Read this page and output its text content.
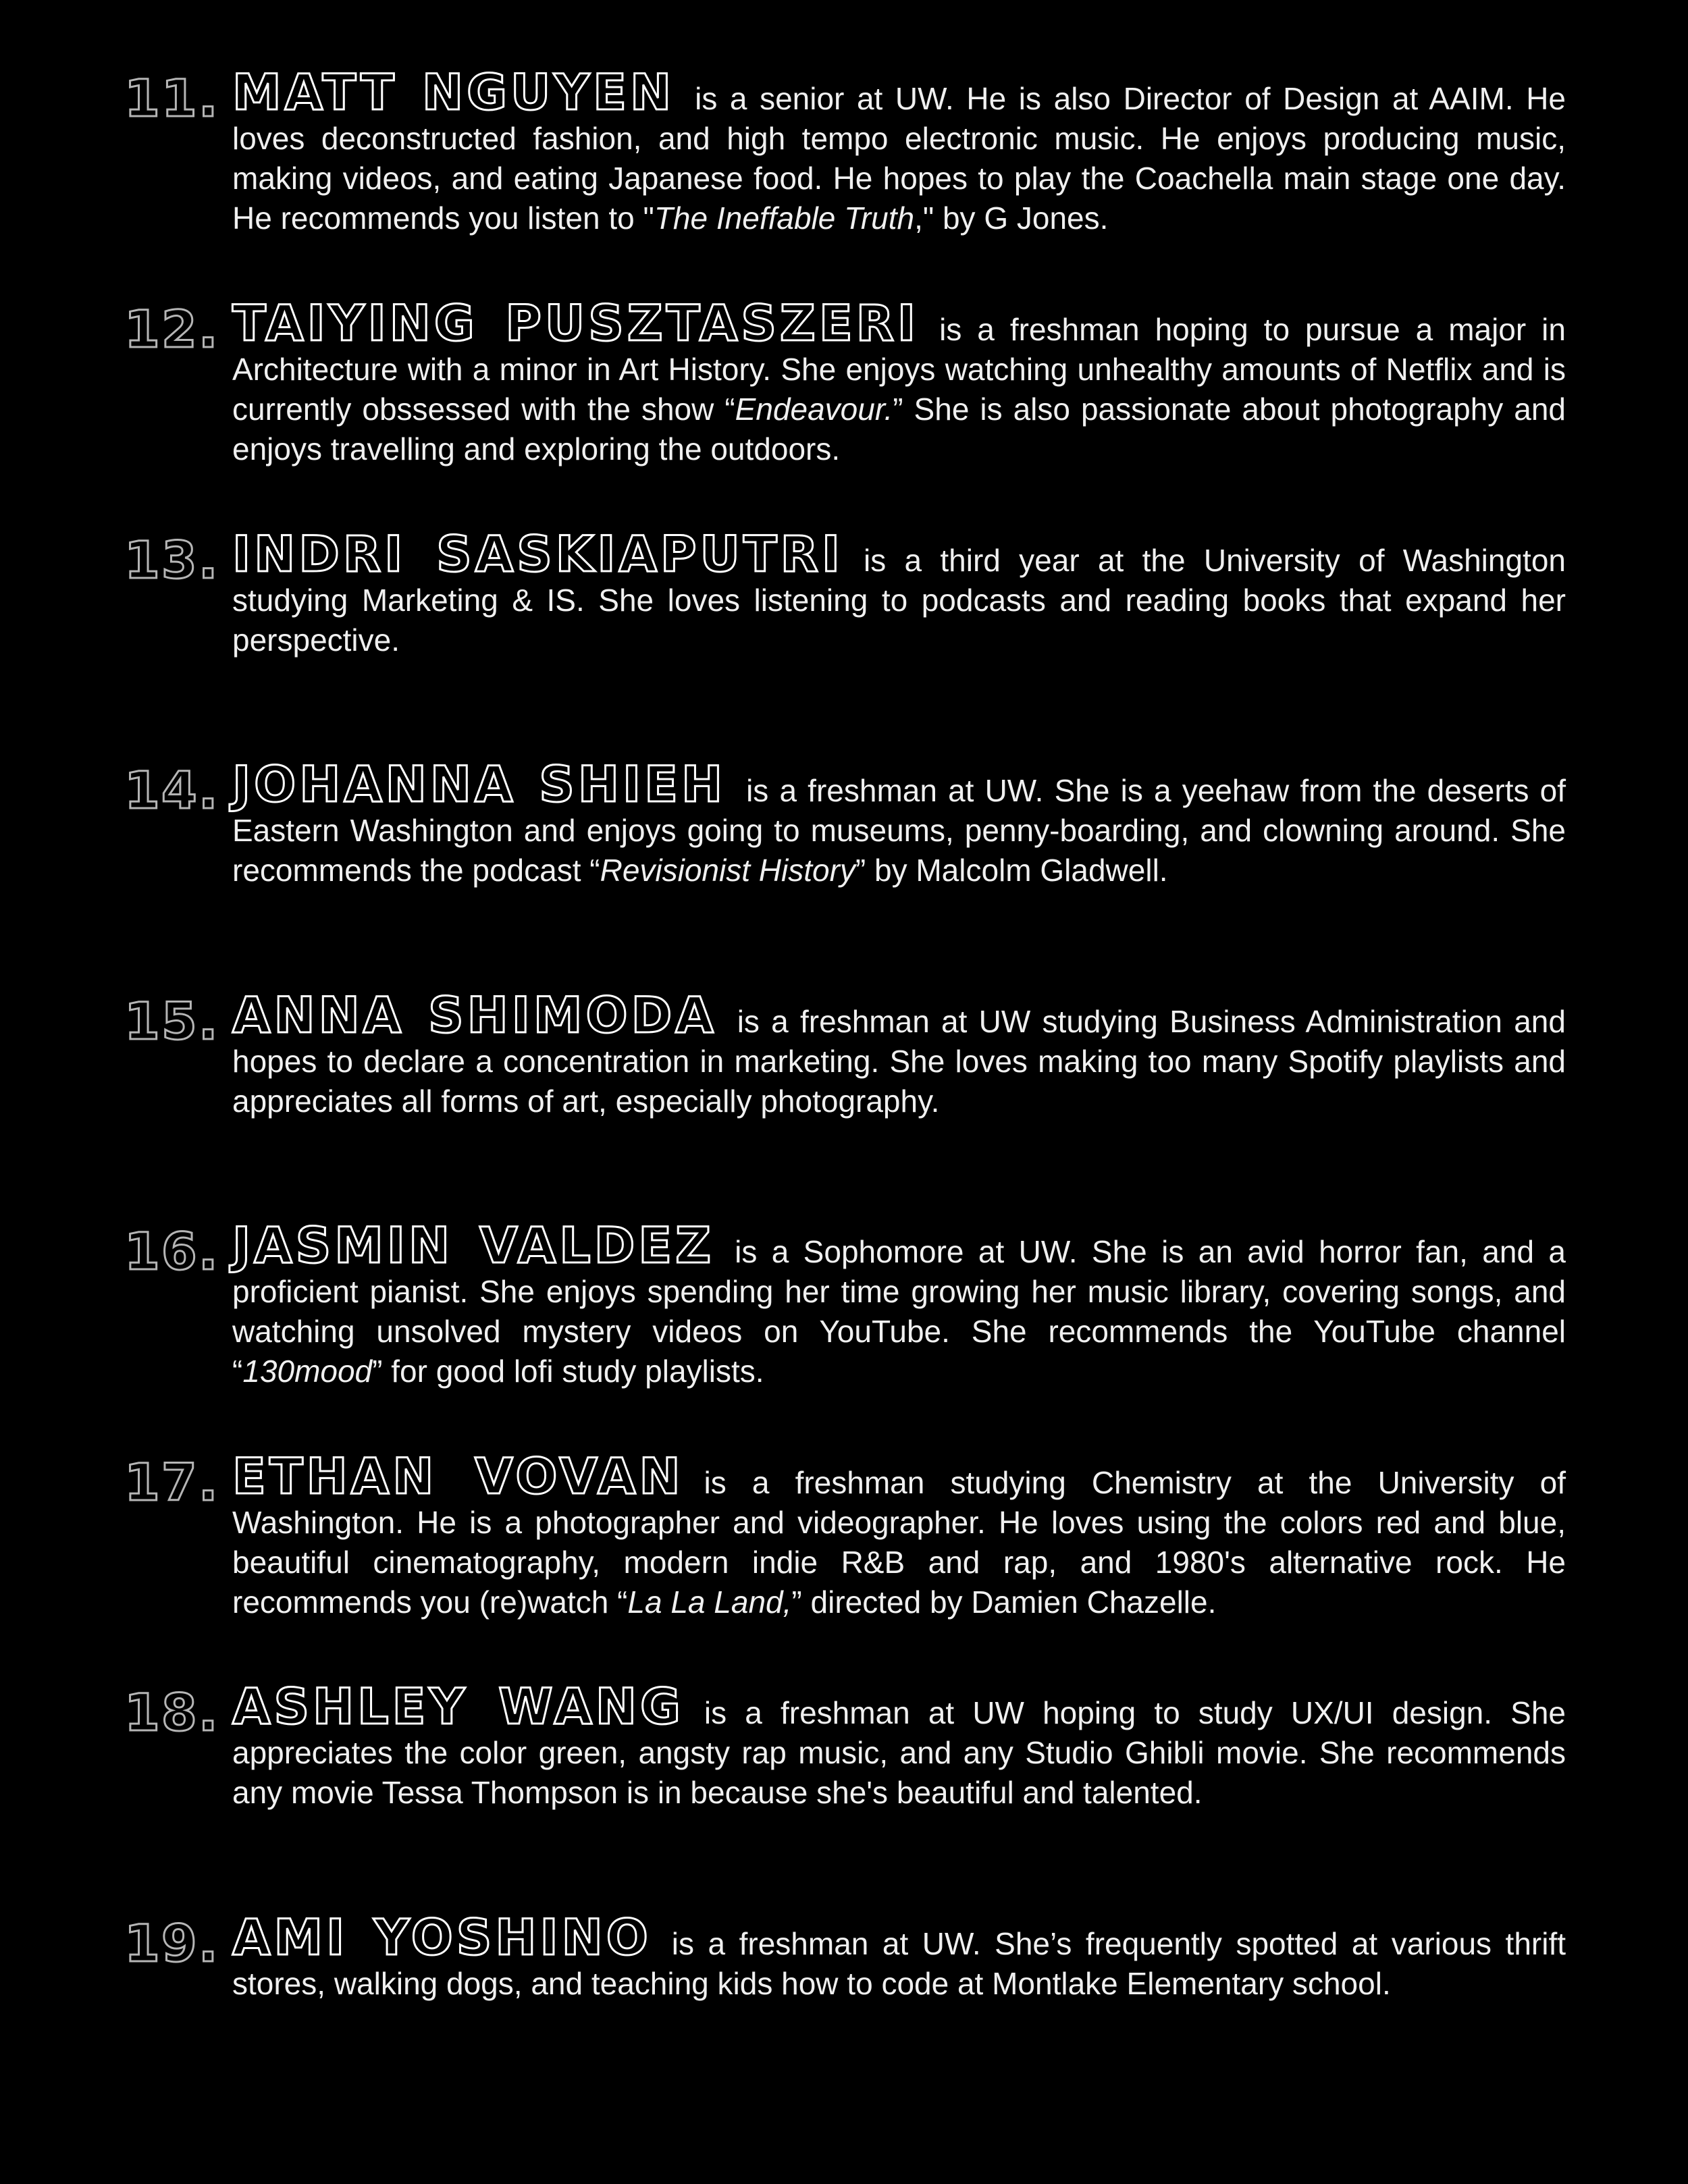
11. MATT NGUYEN is a senior at UW. He is also Director of Design at AAIM. He loves deconstructed fashion, and high tempo electronic music. He enjoys producing music, making videos, and eating Japanese food. He hopes to play the Coachella main stage one day. He recommends you listen to "The Ineffable Truth," by G Jones.
12. TAIYING PUSZTASZERI is a freshman hoping to pursue a major in Architecture with a minor in Art History. She enjoys watching unhealthy amounts of Netflix and is currently obssessed with the show “Endeavour.” She is also passionate about photography and enjoys travelling and exploring the outdoors.
13. INDRI SASKIAPUTRI is a third year at the University of Washington studying Marketing & IS. She loves listening to podcasts and reading books that expand her perspective.
14. JOHANNA SHIEH is a freshman at UW. She is a yeehaw from the deserts of Eastern Washington and enjoys going to museums, penny-boarding, and clowning around. She recommends the podcast “Revisionist History” by Malcolm Gladwell.
15. ANNA SHIMODA is a freshman at UW studying Business Administration and hopes to declare a concentration in marketing. She loves making too many Spotify playlists and appreciates all forms of art, especially photography.
16. JASMIN VALDEZ is a Sophomore at UW. She is an avid horror fan, and a proficient pianist. She enjoys spending her time growing her music library, covering songs, and watching unsolved mystery videos on YouTube. She recommends the YouTube channel “130mood” for good lofi study playlists.
17. ETHAN VOVAN is a freshman studying Chemistry at the University of Washington. He is a photographer and videographer. He loves using the colors red and blue, beautiful cinematography, modern indie R&B and rap, and 1980's alternative rock. He recommends you (re)watch “La La Land,” directed by Damien Chazelle.
18. ASHLEY WANG is a freshman at UW hoping to study UX/UI design. She appreciates the color green, angsty rap music, and any Studio Ghibli movie. She recommends any movie Tessa Thompson is in because she's beautiful and talented.
19. AMI YOSHINO is a freshman at UW. She’s frequently spotted at various thrift stores, walking dogs, and teaching kids how to code at Montlake Elementary school.
